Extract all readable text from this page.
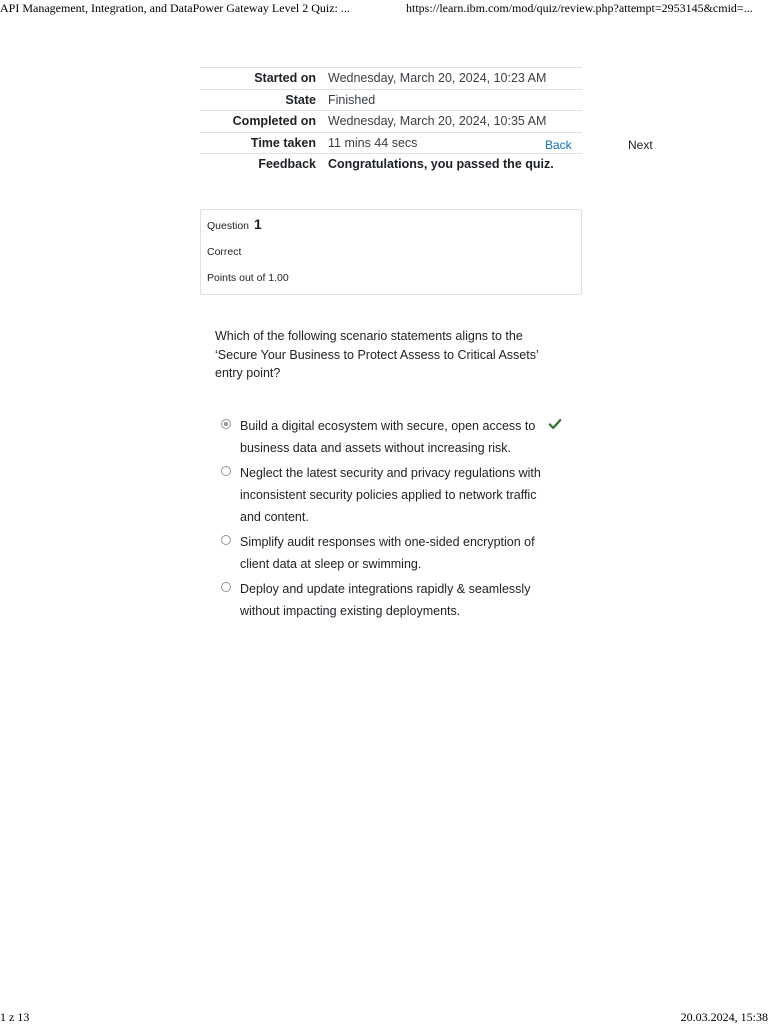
API Management, Integration, and DataPower Gateway Level 2 Quiz: ...	https://learn.ibm.com/mod/quiz/review.php?attempt=2953145&cmid=...
Started on Wednesday, March 20, 2024, 10:23 AM
State Finished
Completed on Wednesday, March 20, 2024, 10:35 AM
Time taken 11 mins 44 secs
Feedback Congratulations, you passed the quiz.
Back	Next
Question 1
Correct
Points out of 1.00
Which of the following scenario statements aligns to the ‘Secure Your Business to Protect Assess to Critical Assets’ entry point?
Build a digital ecosystem with secure, open access to business data and assets without increasing risk.
Neglect the latest security and privacy regulations with inconsistent security policies applied to network traffic and content.
Simplify audit responses with one-sided encryption of client data at sleep or swimming.
Deploy and update integrations rapidly & seamlessly without impacting existing deployments.
1 z 13	20.03.2024, 15:38
